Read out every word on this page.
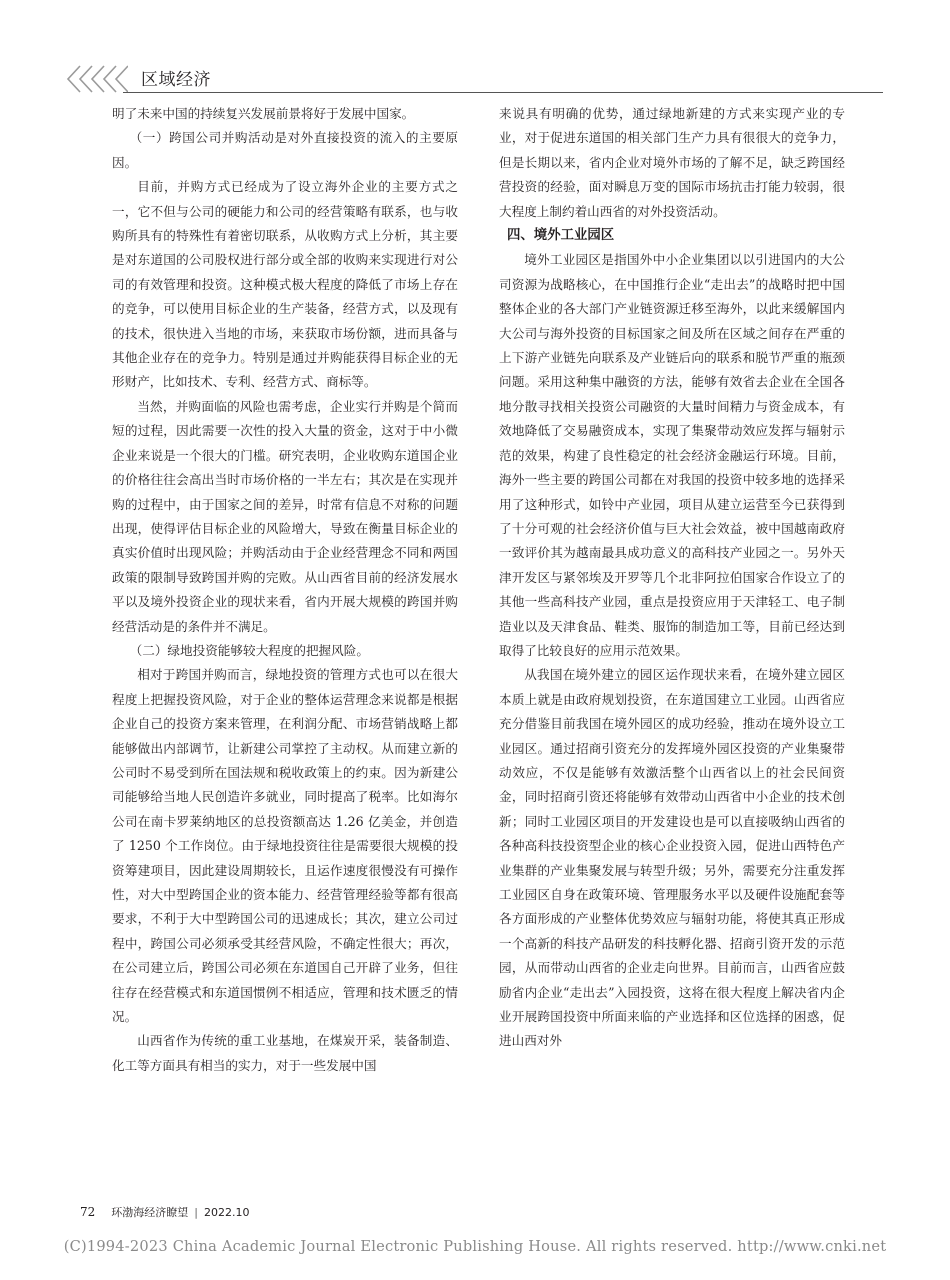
区域经济

明了未来中国的持续复兴发展前景将好于发展中国家。

（一）跨国公司并购活动是对外直接投资的流入的主要原因。

目前，并购方式已经成为了设立海外企业的主要方式之一，它不但与公司的硬能力和公司的经营策略有联系，也与收购所具有的特殊性有着密切联系，从收购方式上分析，其主要是对东道国的公司股权进行部分或全部的收购来实现进行对公司的有效管理和投资。这种模式极大程度的降低了市场上存在的竞争，可以使用目标企业的生产装备，经营方式，以及现有的技术，很快进入当地的市场，来获取市场份额，进而具备与其他企业存在的竞争力。特别是通过并购能获得目标企业的无形财产，比如技术、专利、经营方式、商标等。

当然，并购面临的风险也需考虑，企业实行并购是个简而短的过程，因此需要一次性的投入大量的资金，这对于中小微企业来说是一个很大的门槛。研究表明，企业收购东道国企业的价格往往会高出当时市场价格的一半左右；其次是在实现并购的过程中，由于国家之间的差异，时常有信息不对称的问题出现，使得评估目标企业的风险增大，导致在衡量目标企业的真实价值时出现风险；并购活动由于企业经营理念不同和两国政策的限制导致跨国并购的完败。从山西省目前的经济发展水平以及境外投资企业的现状来看，省内开展大规模的跨国并购经营活动是的条件并不满足。

（二）绿地投资能够较大程度的把握风险。

相对于跨国并购而言，绿地投资的管理方式也可以在很大程度上把握投资风险，对于企业的整体运营理念来说都是根据企业自己的投资方案来管理，在利润分配、市场营销战略上都能够做出内部调节，让新建公司掌控了主动权。从而建立新的公司时不易受到所在国法规和税收政策上的约束。因为新建公司能够给当地人民创造许多就业，同时提高了税率。比如海尔公司在南卡罗莱纳地区的总投资额高达 1.26 亿美金，并创造了 1250 个工作岗位。由于绿地投资往往是需要很大规模的投资筹建项目，因此建设周期较长，且运作速度很慢没有可操作性，对大中型跨国企业的资本能力、经营管理经验等都有很高要求，不利于大中型跨国公司的迅速成长；其次，建立公司过程中，跨国公司必须承受其经营风险，不确定性很大；再次，在公司建立后，跨国公司必须在东道国自己开辟了业务，但往往存在经营模式和东道国惯例不相适应，管理和技术匮乏的情况。

山西省作为传统的重工业基地，在煤炭开采，装备制造、化工等方面具有相当的实力，对于一些发展中国

来说具有明确的优势，通过绿地新建的方式来实现产业的专业，对于促进东道国的相关部门生产力具有很很大的竞争力，但是长期以来，省内企业对境外市场的了解不足，缺乏跨国经营投资的经验，面对瞬息万变的国际市场抗击打能力较弱，很大程度上制约着山西省的对外投资活动。

四、境外工业园区

境外工业园区是指国外中小企业集团以以引进国内的大公司资源为战略核心，在中国推行企业“走出去”的战略时把中国整体企业的各大部门产业链资源迁移至海外，以此来缓解国内大公司与海外投资的目标国家之间及所在区域之间存在严重的上下游产业链先向联系及产业链后向的联系和脱节严重的瓶颈问题。采用这种集中融资的方法，能够有效省去企业在全国各地分散寻找相关投资公司融资的大量时间精力与资金成本，有效地降低了交易融资成本，实现了集聚带动效应发挥与辐射示范的效果，构建了良性稳定的社会经济金融运行环境。目前，海外一些主要的跨国公司都在对我国的投资中较多地的选择采用了这种形式，如铃中产业园，项目从建立运营至今已获得到了十分可观的社会经济价值与巨大社会效益，被中国越南政府一致评价其为越南最具成功意义的高科技产业园之一。另外天津开发区与紧邻埃及开罗等几个北非阿拉伯国家合作设立了的其他一些高科技产业园，重点是投资应用于天津轻工、电子制造业以及天津食品、鞋类、服饰的制造加工等，目前已经达到取得了比较良好的应用示范效果。

从我国在境外建立的园区运作现状来看，在境外建立园区本质上就是由政府规划投资，在东道国建立工业园。山西省应充分借鉴目前我国在境外园区的成功经验，推动在境外设立工业园区。通过招商引资充分的发挥境外园区投资的产业集聚带动效应，不仅是能够有效激活整个山西省以上的社会民间资金，同时招商引资还将能够有效带动山西省中小企业的技术创新；同时工业园区项目的开发建设也是可以直接吸纳山西省的各种高科技投资型企业的核心企业投资入园，促进山西特色产业集群的产业集聚发展与转型升级；另外，需要充分注重发挥工业园区自身在政策环境、管理服务水平以及硬件设施配套等各方面形成的产业整体优势效应与辐射功能，将使其真正形成一个高新的科技产品研发的科技孵化器、招商引资开发的示范园，从而带动山西省的企业走向世界。目前而言，山西省应鼓励省内企业“走出去”入园投资，这将在很大程度上解决省内企业开展跨国投资中所面来临的产业选择和区位选择的困惑，促进山西对外

72 环渤海经济瞭望 | 2022.10
(C)1994-2023 China Academic Journal Electronic Publishing House. All rights reserved. http://www.cnki.net
